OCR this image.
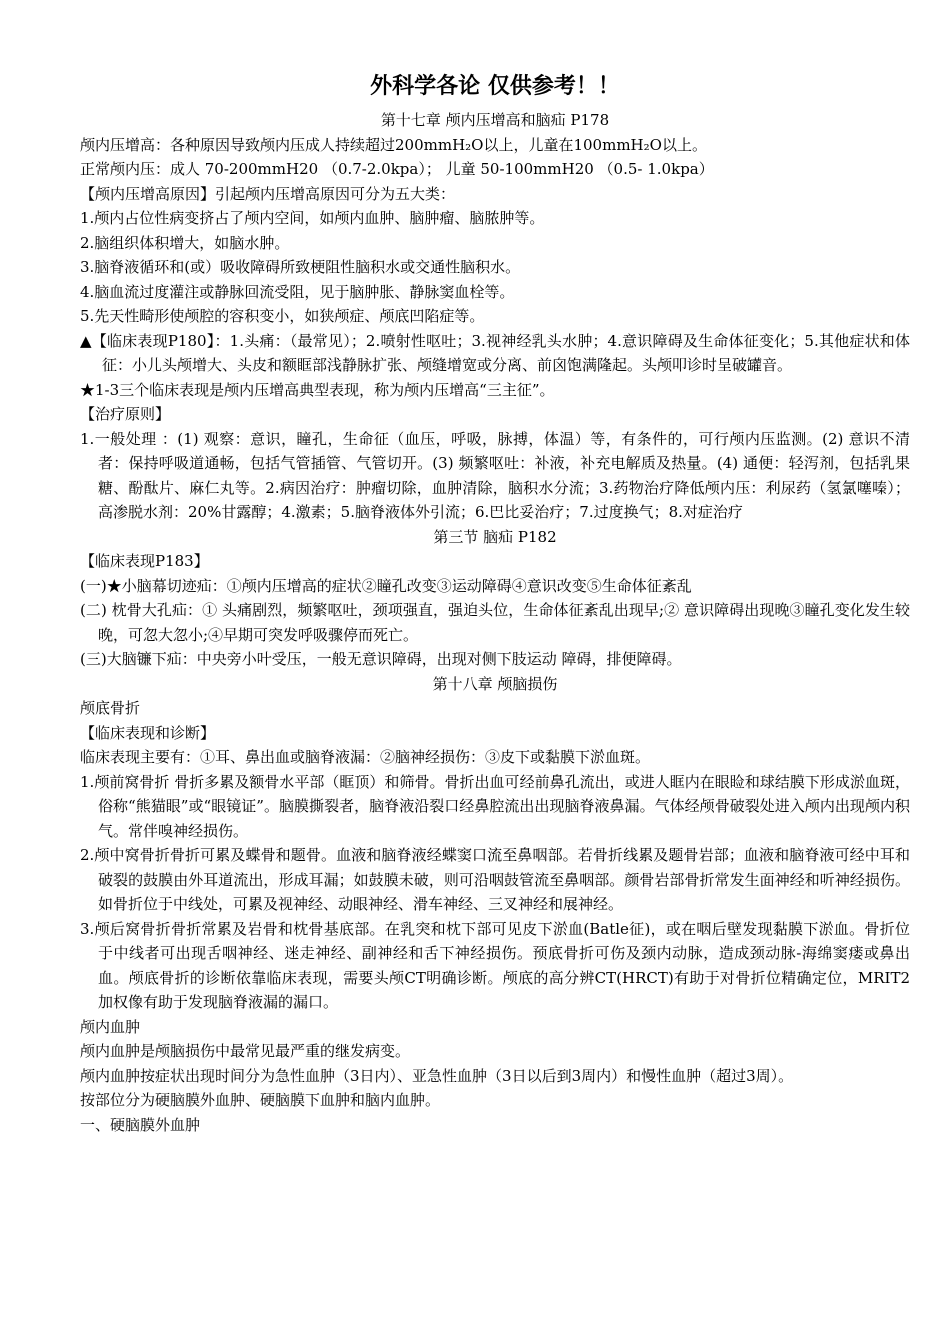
外科学各论 仅供参考！！
第十七章 颅内压增高和脑疝 P178
颅内压增高：各种原因导致颅内压成人持续超过200mmH₂O以上，儿童在100mmH₂O以上。
正常颅内压：成人 70-200mmH20 （0.7-2.0kpa）； 儿童 50-100mmH20 （0.5- 1.0kpa）
【颅内压增高原因】引起颅内压增高原因可分为五大类：
1.颅内占位性病变挤占了颅内空间，如颅内血肿、脑肿瘤、脑脓肿等。
2.脑组织体积增大，如脑水肿。
3.脑脊液循环和(或）吸收障碍所致梗阻性脑积水或交通性脑积水。
4.脑血流过度灌注或静脉回流受阻，见于脑肿胀、静脉窦血栓等。
5.先天性畸形使颅腔的容积变小，如狭颅症、颅底凹陷症等。
▲【临床表现P180】：1.头痛：（最常见）；2.喷射性呕吐；3.视神经乳头水肿；4.意识障碍及生命体征变化；5.其他症状和体征：小儿头颅增大、头皮和额眶部浅静脉扩张、颅缝增宽或分离、前囟饱满隆起。头颅叩诊时呈破罐音。
★1-3三个临床表现是颅内压增高典型表现，称为颅内压增高“三主征”。
【治疗原则】
1.一般处理 ：(1) 观察：意识，瞳孔，生命征（血压，呼吸，脉搏，体温）等，有条件的，可行颅内压监测。(2) 意识不清者：保持呼吸道通畅，包括气管插管、气管切开。(3) 频繁呕吐：补液，补充电解质及热量。(4) 通便：轻泻剂，包括乳果糖、酚酞片、麻仁丸等。2.病因治疗：肿瘤切除，血肿清除，脑积水分流；3.药物治疗降低颅内压：利尿药（氢氯噻嗪）；高渗脱水剂：20%甘露醇；4.激素；5.脑脊液体外引流；6.巴比妥治疗；7.过度换气；8.对症治疗
第三节 脑疝 P182
【临床表现P183】
(一)★小脑幕切迹疝：①颅内压增高的症状②瞳孔改变③运动障碍④意识改变⑤生命体征紊乱
(二) 枕骨大孔疝：① 头痛剧烈，频繁呕吐，颈项强直，强迫头位，生命体征紊乱出现早;② 意识障碍出现晚③瞳孔变化发生较晚，可忽大忽小;④早期可突发呼吸骤停而死亡。
(三)大脑镰下疝：中央旁小叶受压，一般无意识障碍，出现对侧下肢运动 障碍，排便障碍。
第十八章 颅脑损伤
颅底骨折
【临床表现和诊断】
临床表现主要有：①耳、鼻出血或脑脊液漏：②脑神经损伤：③皮下或黏膜下淤血斑。
1.颅前窝骨折 骨折多累及额骨水平部（眶顶）和筛骨。骨折出血可经前鼻孔流出，或进人眶内在眼睑和球结膜下形成淤血斑，俗称“熊猫眼”或“眼镜证”。脑膜撕裂者，脑脊液沿裂口经鼻腔流出出现脑脊液鼻漏。气体经颅骨破裂处进入颅内出现颅内积气。常伴嗅神经损伤。
2.颅中窝骨折骨折可累及蝶骨和题骨。血液和脑脊液经蝶窦口流至鼻咽部。若骨折线累及题骨岩部；血液和脑脊液可经中耳和破裂的鼓膜由外耳道流出，形成耳漏；如鼓膜未破，则可沿咽鼓管流至鼻咽部。颜骨岩部骨折常发生面神经和听神经损伤。如骨折位于中线处，可累及视神经、动眼神经、滑车神经、三叉神经和展神经。
3.颅后窝骨折骨折常累及岩骨和枕骨基底部。在乳突和枕下部可见皮下淤血(Batle征)，或在咽后壁发现黏膜下淤血。骨折位于中线者可出现舌咽神经、迷走神经、副神经和舌下神经损伤。预底骨折可伤及颈内动脉，造成颈动脉-海绵窦瘘或鼻出血。颅底骨折的诊断依靠临床表现，需要头颅CT明确诊断。颅底的高分辨CT(HRCT)有助于对骨折位精确定位，MRIT2加权像有助于发现脑脊液漏的漏口。
颅内血肿
颅内血肿是颅脑损伤中最常见最严重的继发病变。
颅内血肿按症状出现时间分为急性血肿（3日内）、亚急性血肿（3日以后到3周内）和慢性血肿（超过3周）。
按部位分为硬脑膜外血肿、硬脑膜下血肿和脑内血肿。
一、硬脑膜外血肿
